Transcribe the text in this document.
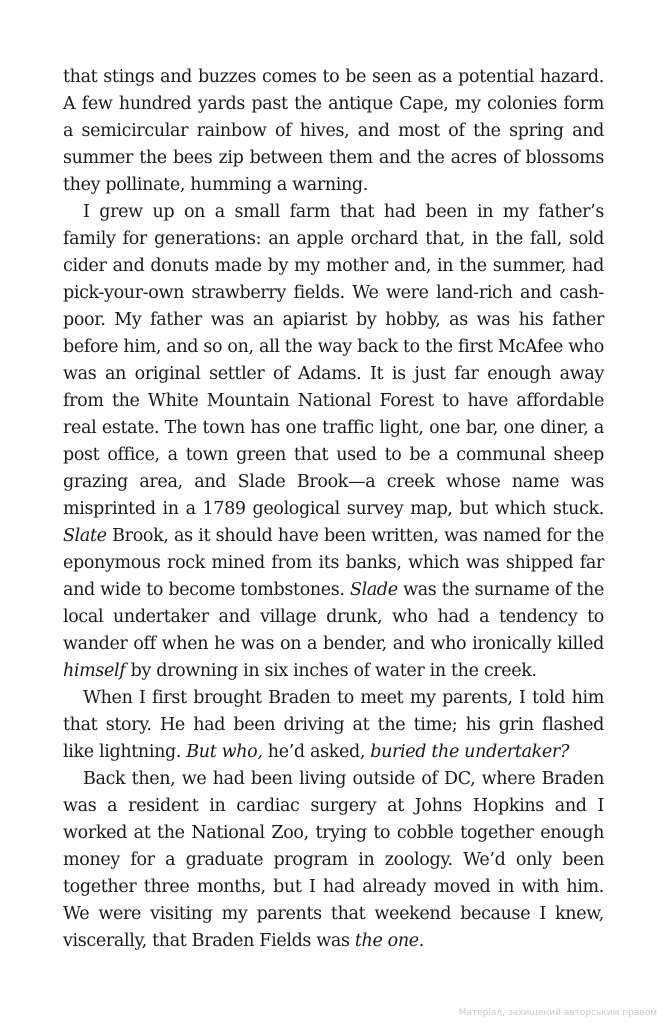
that stings and buzzes comes to be seen as a potential hazard. A few hundred yards past the antique Cape, my colonies form a semicircular rainbow of hives, and most of the spring and summer the bees zip between them and the acres of blossoms they pollinate, humming a warning.

I grew up on a small farm that had been in my father’s family for generations: an apple orchard that, in the fall, sold cider and donuts made by my mother and, in the summer, had pick-your-own strawberry fields. We were land-rich and cash-poor. My father was an apiarist by hobby, as was his father before him, and so on, all the way back to the first McAfee who was an original settler of Adams. It is just far enough away from the White Mountain National Forest to have affordable real estate. The town has one traffic light, one bar, one diner, a post office, a town green that used to be a communal sheep grazing area, and Slade Brook—a creek whose name was misprinted in a 1789 geological survey map, but which stuck. Slate Brook, as it should have been written, was named for the eponymous rock mined from its banks, which was shipped far and wide to become tombstones. Slade was the surname of the local undertaker and village drunk, who had a tendency to wander off when he was on a bender, and who ironically killed himself by drowning in six inches of water in the creek.

When I first brought Braden to meet my parents, I told him that story. He had been driving at the time; his grin flashed like lightning. But who, he’d asked, buried the undertaker?

Back then, we had been living outside of DC, where Braden was a resident in cardiac surgery at Johns Hopkins and I worked at the National Zoo, trying to cobble together enough money for a graduate program in zoology. We’d only been together three months, but I had already moved in with him. We were visiting my parents that weekend because I knew, viscerally, that Braden Fields was the one.

Матеріал, захищений авторським правом
